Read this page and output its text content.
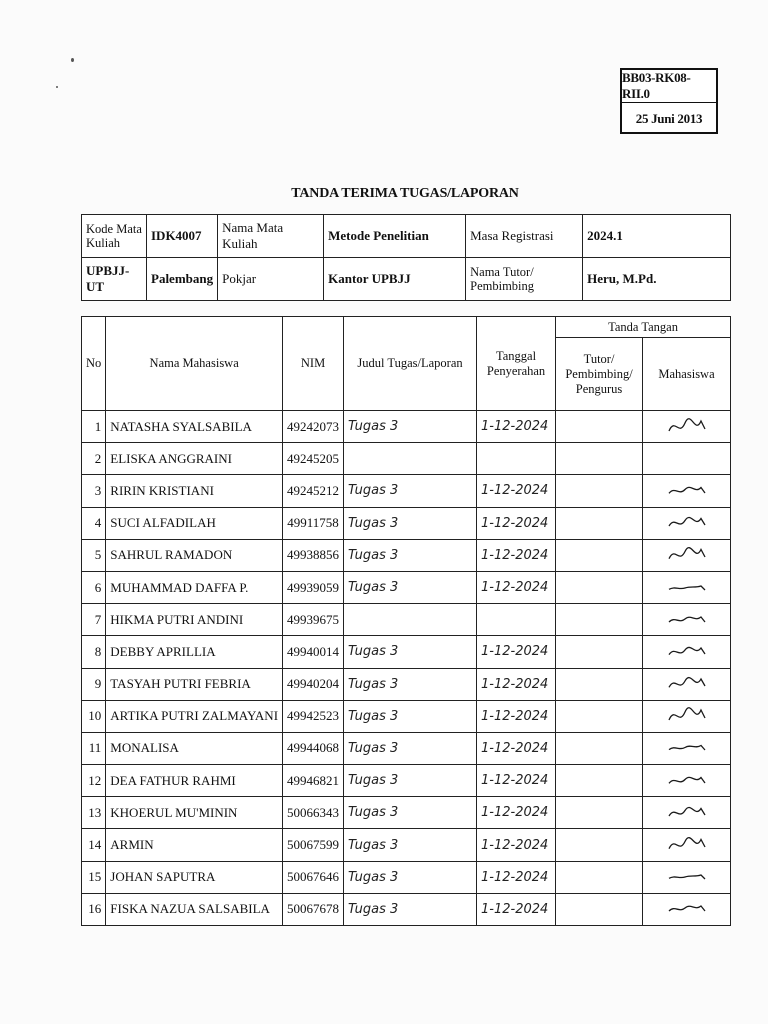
BB03-RK08-RII.0
25 Juni 2013
TANDA TERIMA TUGAS/LAPORAN
Kode Mata Kuliah	IDK4007	Nama Mata Kuliah	Metode Penelitian	Masa Registrasi	2024.1
UPBJJ-UT	Palembang	Pokjar	Kantor UPBJJ	Nama Tutor/ Pembimbing	Heru, M.Pd.
No	Nama Mahasiswa	NIM	Judul Tugas/Laporan	Tanggal Penyerahan	Tanda Tangan	
					Tutor/ Pembimbing/ Pengurus	Mahasiswa
1	NATASHA SYALSABILA	49242073	Tugas 3	1-12-2024		

2	ELISKA ANGGRAINI	49245205				
3	RIRIN KRISTIANI	49245212	Tugas 3	1-12-2024		

4	SUCI ALFADILAH	49911758	Tugas 3	1-12-2024		

5	SAHRUL RAMADON	49938856	Tugas 3	1-12-2024		

6	MUHAMMAD DAFFA P.	49939059	Tugas 3	1-12-2024		

7	HIKMA PUTRI ANDINI	49939675				

8	DEBBY APRILLIA	49940014	Tugas 3	1-12-2024		

9	TASYAH PUTRI FEBRIA	49940204	Tugas 3	1-12-2024		

10	ARTIKA PUTRI ZALMAYANI	49942523	Tugas 3	1-12-2024		

11	MONALISA	49944068	Tugas 3	1-12-2024		

12	DEA FATHUR RAHMI	49946821	Tugas 3	1-12-2024		

13	KHOERUL MU'MININ	50066343	Tugas 3	1-12-2024		

14	ARMIN	50067599	Tugas 3	1-12-2024		

15	JOHAN SAPUTRA	50067646	Tugas 3	1-12-2024		

16	FISKA NAZUA SALSABILA	50067678	Tugas 3	1-12-2024		
